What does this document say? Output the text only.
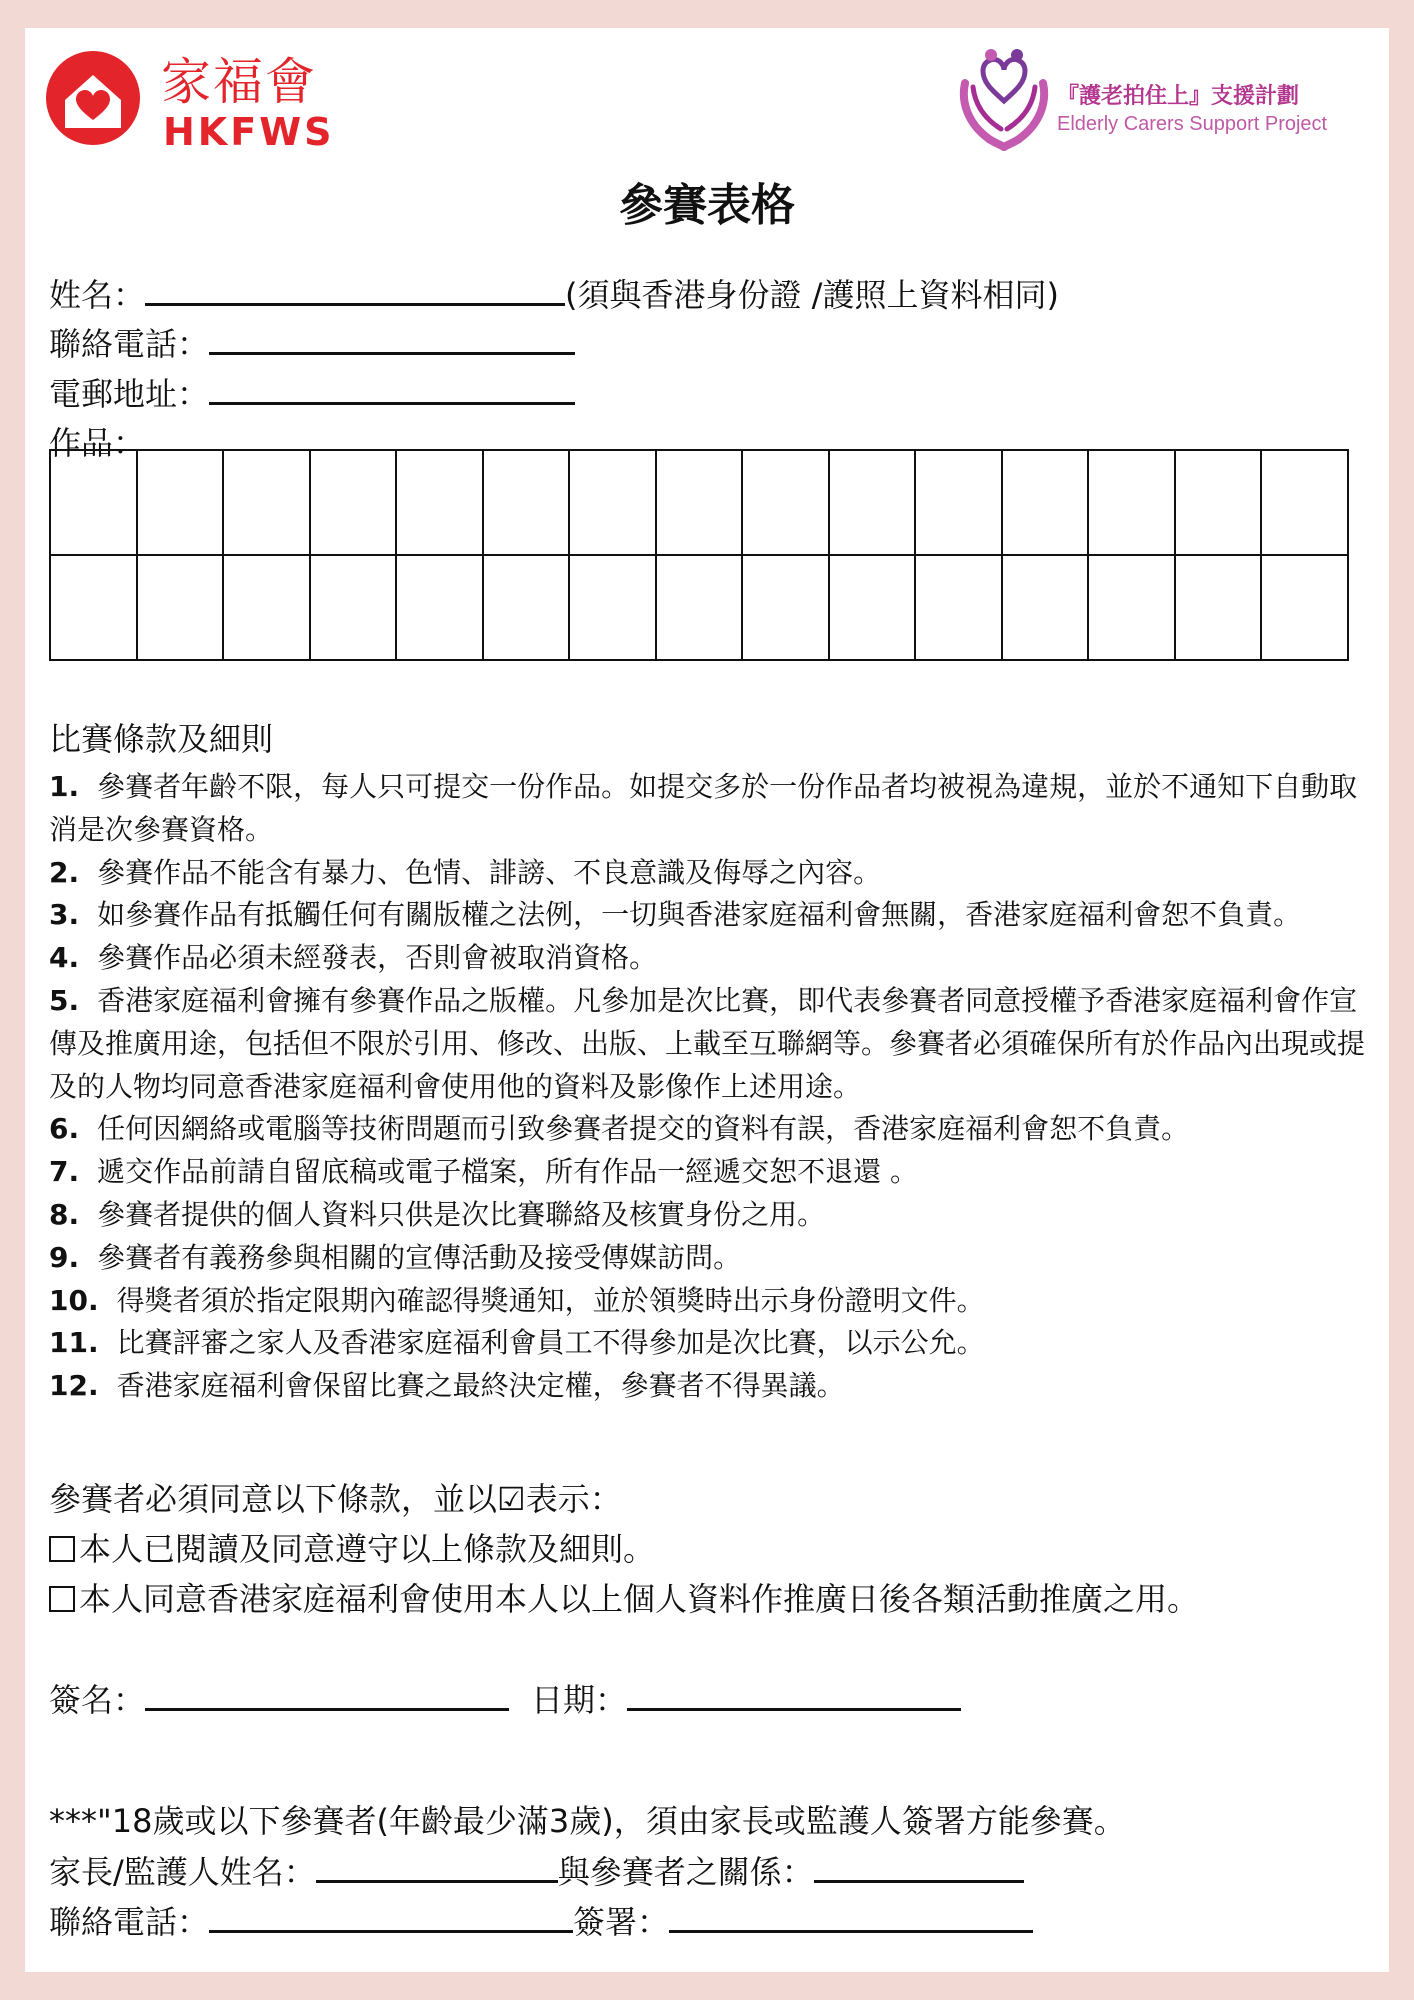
家福會
HKFWS
『護老拍住上』支援計劃
Elderly Carers Support Project
參賽表格
姓名：	(須與香港身份證 /護照上資料相同)
聯絡電話：
電郵地址：
作品：
比賽條款及細則

1. 參賽者年齡不限，每人只可提交一份作品。如提交多於一份作品者均被視為違規，並於不通知下自動取消是次參賽資格。

2. 參賽作品不能含有暴力、色情、誹謗、不良意識及侮辱之內容。

3. 如參賽作品有抵觸任何有關版權之法例，一切與香港家庭福利會無關，香港家庭福利會恕不負責。

4. 參賽作品必須未經發表，否則會被取消資格。

5. 香港家庭福利會擁有參賽作品之版權。凡參加是次比賽，即代表參賽者同意授權予香港家庭福利會作宣傳及推廣用途，包括但不限於引用、修改、出版、上載至互聯網等。參賽者必須確保所有於作品內出現或提及的人物均同意香港家庭福利會使用他的資料及影像作上述用途。

6. 任何因網絡或電腦等技術問題而引致參賽者提交的資料有誤，香港家庭福利會恕不負責。

7. 遞交作品前請自留底稿或電子檔案，所有作品一經遞交恕不退還 。

8. 參賽者提供的個人資料只供是次比賽聯絡及核實身份之用。

9. 參賽者有義務參與相關的宣傳活動及接受傳媒訪問。

10. 得獎者須於指定限期內確認得獎通知，並於領獎時出示身份證明文件。

11. 比賽評審之家人及香港家庭福利會員工不得參加是次比賽，以示公允。

12. 香港家庭福利會保留比賽之最終決定權，參賽者不得異議。

參賽者必須同意以下條款，並以☑表示：
本人已閱讀及同意遵守以上條款及細則。
本人同意香港家庭福利會使用本人以上個人資料作推廣日後各類活動推廣之用。
簽名：	日期：
***"18歲或以下參賽者(年齡最少滿3歲)，須由家長或監護人簽署方能參賽。
家長/監護人姓名：	與參賽者之關係：
聯絡電話：	簽署：
